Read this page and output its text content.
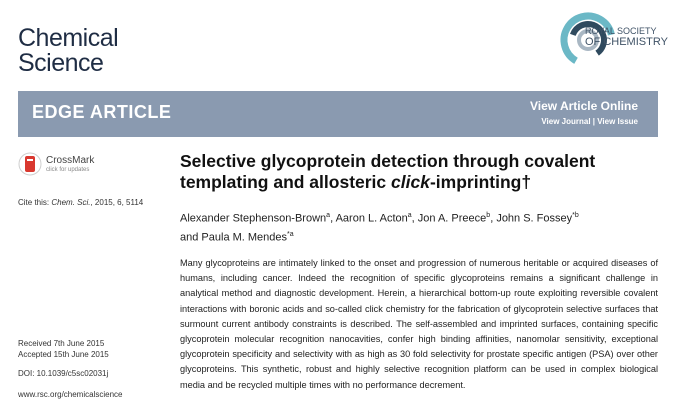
Chemical
Science
ROYAL SOCIETY
OF CHEMISTRY
EDGE ARTICLE	View Article Online
View Journal | View Issue
CrossMark
click for updates
Cite this: Chem. Sci., 2015, 6, 5114
Selective glycoprotein detection through covalent templating and allosteric click-imprinting†
Alexander Stephenson-Brown$^a$, Aaron L. Acton$^a$, Jon A. Preece$^b$, John S. Fossey$^{*b}$
and Paula M. Mendes$^{*a}$
Many glycoproteins are intimately linked to the onset and progression of numerous heritable or acquired diseases of humans, including cancer. Indeed the recognition of specific glycoproteins remains a significant challenge in analytical method and diagnostic development. Herein, a hierarchical bottom-up route exploiting reversible covalent interactions with boronic acids and so-called click chemistry for the fabrication of glycoprotein selective surfaces that surmount current antibody constraints is described. The self-assembled and imprinted surfaces, containing specific glycoprotein molecular recognition nanocavities, confer high binding affinities, nanomolar sensitivity, exceptional glycoprotein specificity and selectivity with as high as 30 fold selectivity for prostate specific antigen (PSA) over other glycoproteins. This synthetic, robust and highly selective recognition platform can be used in complex biological media and be recycled multiple times with no performance decrement.
Received 7th June 2015
Accepted 15th June 2015
DOI: 10.1039/c5sc02031j
www.rsc.org/chemicalscience
